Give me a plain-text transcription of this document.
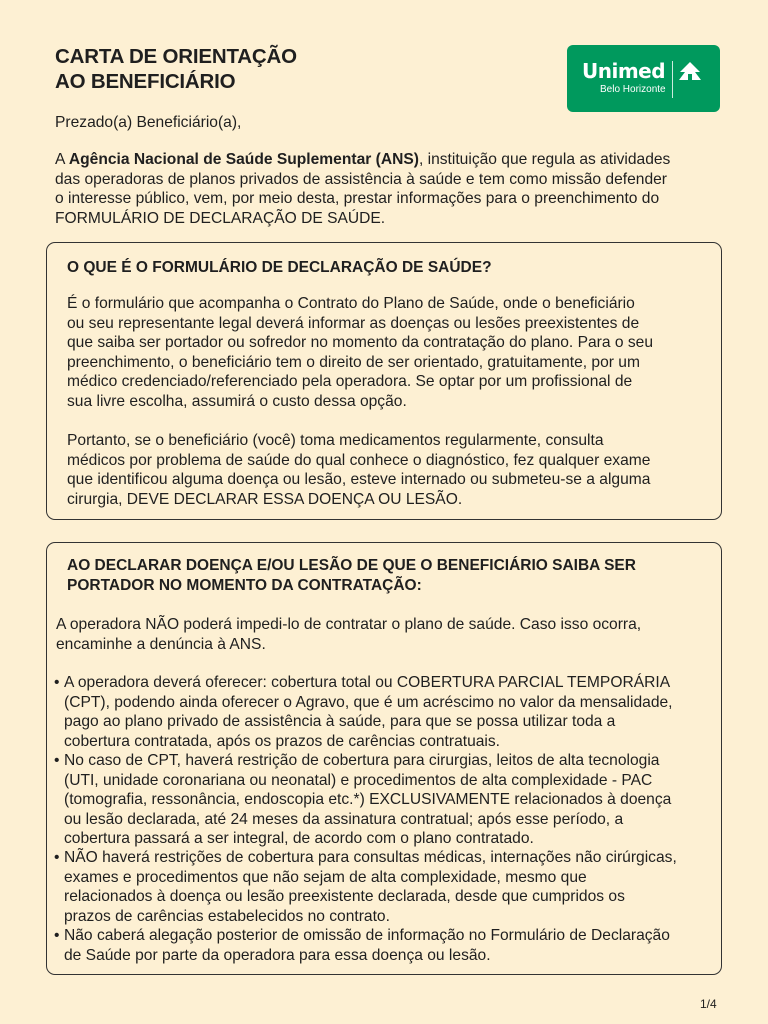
CARTA DE ORIENTAÇÃO
AO BENEFICIÁRIO	Unimed
Belo Horizonte
Prezado(a) Beneficiário(a),
A Agência Nacional de Saúde Suplementar (ANS), instituição que regula as atividades
das operadoras de planos privados de assistência à saúde e tem como missão defender
o interesse público, vem, por meio desta, prestar informações para o preenchimento do
FORMULÁRIO DE DECLARAÇÃO DE SAÚDE.
O QUE É O FORMULÁRIO DE DECLARAÇÃO DE SAÚDE?
É o formulário que acompanha o Contrato do Plano de Saúde, onde o beneficiário
ou seu representante legal deverá informar as doenças ou lesões preexistentes de
que saiba ser portador ou sofredor no momento da contratação do plano. Para o seu
preenchimento, o beneficiário tem o direito de ser orientado, gratuitamente, por um
médico credenciado/referenciado pela operadora. Se optar por um profissional de
sua livre escolha, assumirá o custo dessa opção.
Portanto, se o beneficiário (você) toma medicamentos regularmente, consulta
médicos por problema de saúde do qual conhece o diagnóstico, fez qualquer exame
que identificou alguma doença ou lesão, esteve internado ou submeteu-se a alguma
cirurgia, DEVE DECLARAR ESSA DOENÇA OU LESÃO.
AO DECLARAR DOENÇA E/OU LESÃO DE QUE O BENEFICIÁRIO SAIBA SER
PORTADOR NO MOMENTO DA CONTRATAÇÃO:
A operadora NÃO poderá impedi-lo de contratar o plano de saúde. Caso isso ocorra,
encaminhe a denúncia à ANS.
• A operadora deverá oferecer: cobertura total ou COBERTURA PARCIAL TEMPORÁRIA
(CPT), podendo ainda oferecer o Agravo, que é um acréscimo no valor da mensalidade,
pago ao plano privado de assistência à saúde, para que se possa utilizar toda a
cobertura contratada, após os prazos de carências contratuais.
• No caso de CPT, haverá restrição de cobertura para cirurgias, leitos de alta tecnologia
(UTI, unidade coronariana ou neonatal) e procedimentos de alta complexidade - PAC
(tomografia, ressonância, endoscopia etc.*) EXCLUSIVAMENTE relacionados à doença
ou lesão declarada, até 24 meses da assinatura contratual; após esse período, a
cobertura passará a ser integral, de acordo com o plano contratado.
• NÃO haverá restrições de cobertura para consultas médicas, internações não cirúrgicas,
exames e procedimentos que não sejam de alta complexidade, mesmo que
relacionados à doença ou lesão preexistente declarada, desde que cumpridos os
prazos de carências estabelecidos no contrato.
• Não caberá alegação posterior de omissão de informação no Formulário de Declaração
de Saúde por parte da operadora para essa doença ou lesão.
1/4
